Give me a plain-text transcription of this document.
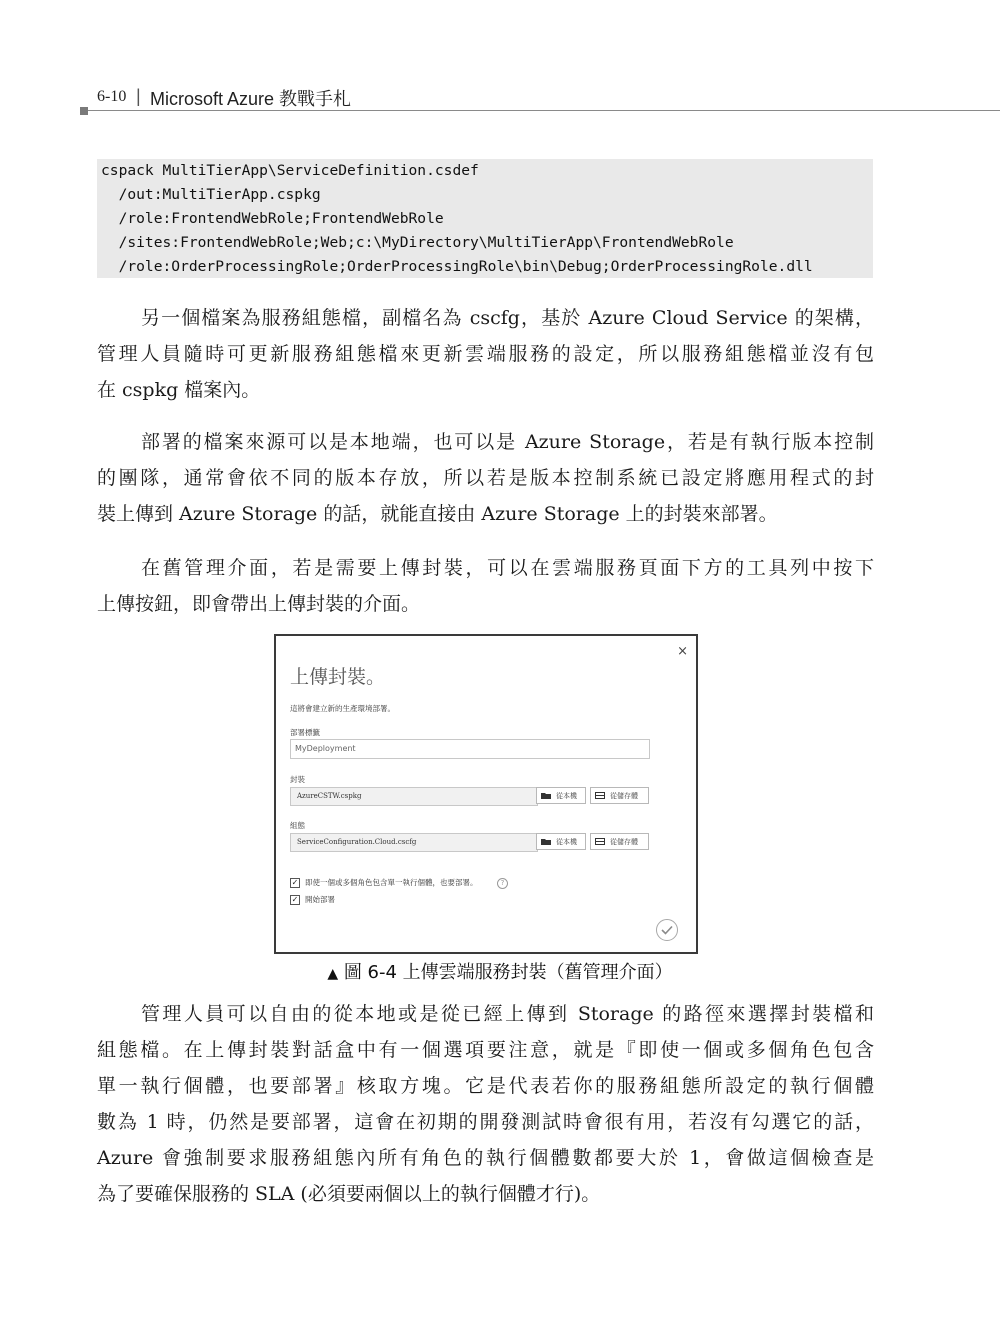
6-10 | Microsoft Azure 教戰手札
cspack MultiTierApp\ServiceDefinition.csdef
/out:MultiTierApp.cspkg
/role:FrontendWebRole;FrontendWebRole
/sites:FrontendWebRole;Web;c:\MyDirectory\MultiTierApp\FrontendWebRole
/role:OrderProcessingRole;OrderProcessingRole\bin\Debug;OrderProcessingRole.dll
另一個檔案為服務組態檔，副檔名為 cscfg，基於 Azure Cloud Service 的架構，
管理人員隨時可更新服務組態檔來更新雲端服務的設定，所以服務組態檔並沒有包
在 cspkg 檔案內。
部署的檔案來源可以是本地端，也可以是 Azure Storage，若是有執行版本控制
的團隊，通常會依不同的版本存放，所以若是版本控制系統已設定將應用程式的封
裝上傳到 Azure Storage 的話，就能直接由 Azure Storage 上的封裝來部署。
在舊管理介面，若是需要上傳封裝，可以在雲端服務頁面下方的工具列中按下
上傳按鈕，即會帶出上傳封裝的介面。
×
上傳封裝。
這將會建立新的生產環境部署。
部署標籤
MyDeployment
封裝
AzureCSTW.cspkg	從本機	從儲存體
組態
ServiceConfiguration.Cloud.cscfg	從本機	從儲存體
✓ 即使一個或多個角色包含單一執行個體，也要部署。	?
✓ 開始部署
▲ 圖 6-4 上傳雲端服務封裝（舊管理介面）
管理人員可以自由的從本地或是從已經上傳到 Storage 的路徑來選擇封裝檔和
組態檔。在上傳封裝對話盒中有一個選項要注意，就是『即使一個或多個角色包含
單一執行個體，也要部署』核取方塊。它是代表若你的服務組態所設定的執行個體
數為 1 時，仍然是要部署，這會在初期的開發測試時會很有用，若沒有勾選它的話，
Azure 會強制要求服務組態內所有角色的執行個體數都要大於 1，會做這個檢查是
為了要確保服務的 SLA (必須要兩個以上的執行個體才行)。
